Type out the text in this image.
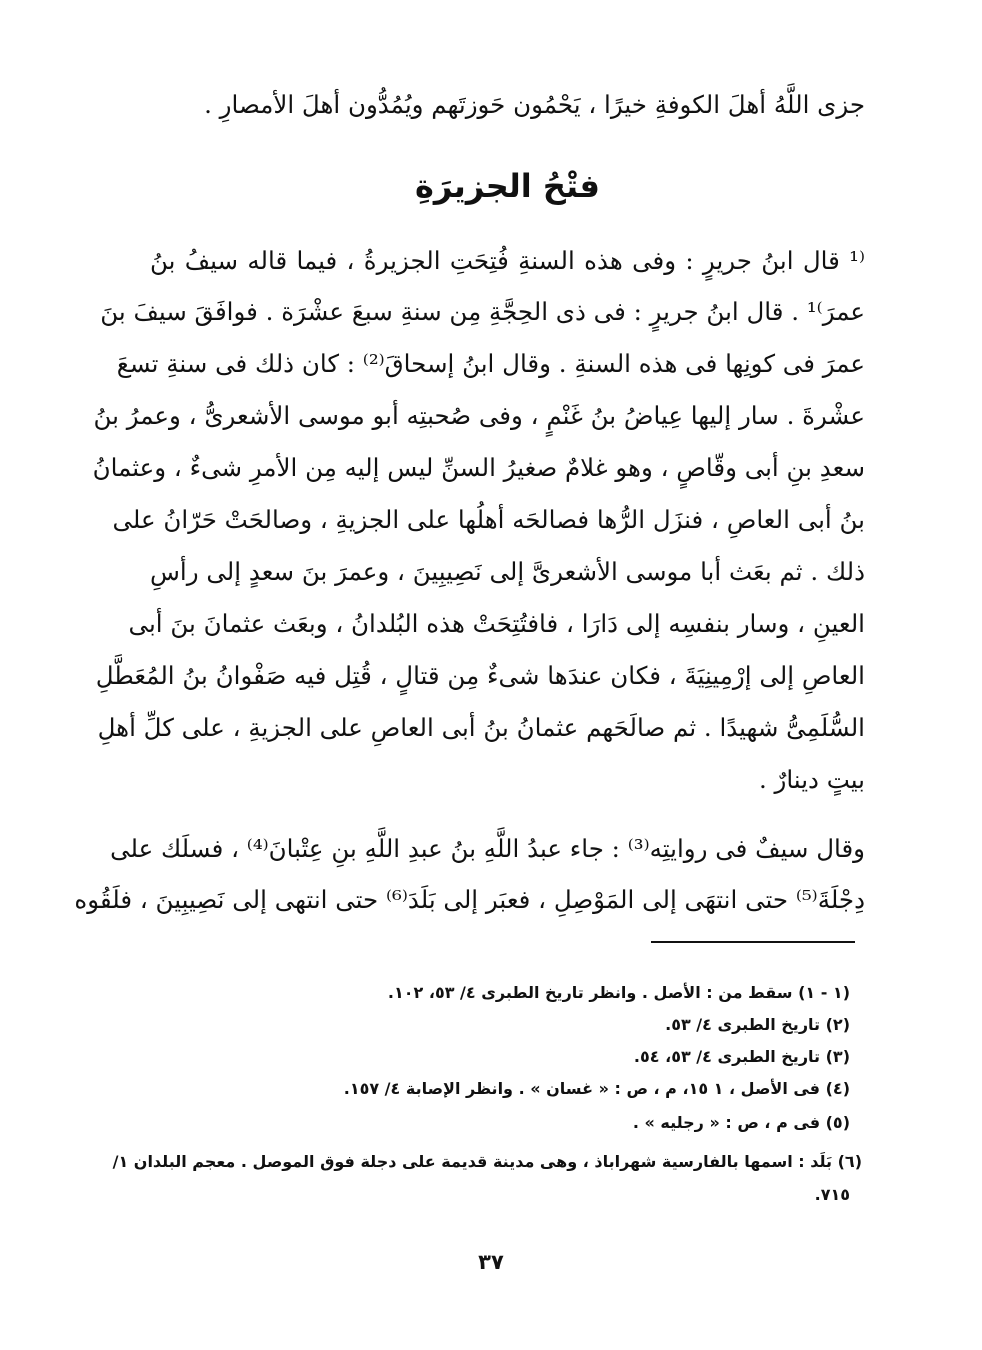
جزى اللَّهُ أهلَ الكوفةِ خيرًا ، يَحْمُون حَوزتَهم ويُمُدُّون أهلَ الأمصارِ .
فتْحُ الجزيرَةِ
⁽¹ قال ابنُ جريرٍ : وفى هذه السنةِ فُتِحَتِ الجزيرةُ ، فيما قاله سيفُ بنُ
عمرَ⁾¹ . قال ابنُ جريرٍ : فى ذى الحِجَّةِ مِن سنةِ سبعَ عشْرَة . فوافَقَ سيفَ بنَ
عمرَ فى كونِها فى هذه السنةِ . وقال ابنُ إسحاقَ⁽²⁾ : كان ذلك فى سنةِ تسعَ
عشْرةَ . سار إليها عِياضُ بنُ غَنْمٍ ، وفى صُحبتِه أبو موسى الأشعرىُّ ، وعمرُ بنُ
سعدِ بنِ أبى وقّاصٍ ، وهو غلامٌ صغيرُ السنِّ ليس إليه مِن الأمرِ شىءٌ ، وعثمانُ
بنُ أبى العاصِ ، فنزَل الرُّها فصالحَه أهلُها على الجزيةِ ، وصالحَتْ حَرّانُ على
ذلك . ثم بعَث أبا موسى الأشعرىَّ إلى نَصِيبِينَ ، وعمرَ بنَ سعدٍ إلى رأسِ
العينِ ، وسار بنفسِه إلى دَارَا ، فافتُتِحَتْ هذه البُلدانُ ، وبعَث عثمانَ بنَ أبى
العاصِ إلى إرْمِينِيَةَ ، فكان عندَها شىءٌ مِن قتالٍ ، قُتِل فيه صَفْوانُ بنُ المُعَطَّلِ
السُّلَمِىُّ شهيدًا . ثم صالَحَهم عثمانُ بنُ أبى العاصِ على الجزيةِ ، على كلِّ أهلِ
بيتٍ دينارٌ .
وقال سيفٌ فى روايتِه⁽³⁾ : جاء عبدُ اللَّهِ بنُ عبدِ اللَّهِ بنِ عِتْبانَ⁽⁴⁾ ، فسلَك على
دِجْلَةَ⁽⁵⁾ حتى انتهَى إلى المَوْصِلِ ، فعبَر إلى بَلَدَ⁽⁶⁾ حتى انتهى إلى نَصِيبِينَ ، فلَقُوه
(١ - ١) سقط من : الأصل . وانظر تاريخ الطبرى ٤/ ٥٣، ١٠٢.
(٢) تاريخ الطبرى ٤/ ٥٣.
(٣) تاريخ الطبرى ٤/ ٥٣، ٥٤.
(٤) فى الأصل ، ١ ١٥، م ، ص : « غسان » . وانظر الإصابة ٤/ ١٥٧.
(٥) فى م ، ص : « رجليه » .
(٦) بَلَد : اسمها بالفارسية شهراباذ ، وهى مدينة قديمة على دجلة فوق الموصل . معجم البلدان ١/
٧١٥.
٣٧
